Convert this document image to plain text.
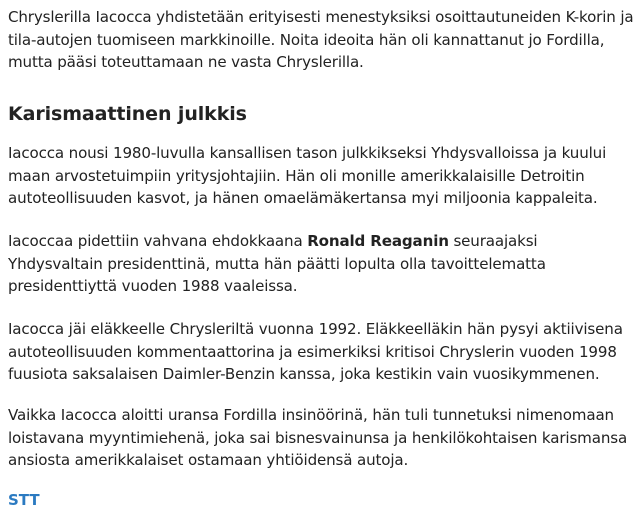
Chryslerilla Iacocca yhdistetään erityisesti menestyksiksi osoittautuneiden K-korin ja tila-autojen tuomiseen markkinoille. Noita ideoita hän oli kannattanut jo Fordilla, mutta pääsi toteuttamaan ne vasta Chryslerilla.

Karismaattinen julkkis

Iacocca nousi 1980-luvulla kansallisen tason julkkikseksi Yhdysvalloissa ja kuului maan arvostetuimpiin yritysjohtajiin. Hän oli monille amerikkalaisille Detroitin autoteollisuuden kasvot, ja hänen omaelämäkertansa myi miljoonia kappaleita.

Iacoccaa pidettiin vahvana ehdokkaana Ronald Reaganin seuraajaksi Yhdysvaltain presidenttinä, mutta hän päätti lopulta olla tavoittelematta presidenttiyttä vuoden 1988 vaaleissa.

Iacocca jäi eläkkeelle Chrysleriltä vuonna 1992. Eläkkeelläkin hän pysyi aktiivisena autoteollisuuden kommentaattorina ja esimerkiksi kritisoi Chryslerin vuoden 1998 fuusiota saksalaisen Daimler-Benzin kanssa, joka kestikin vain vuosikymmenen.

Vaikka Iacocca aloitti uransa Fordilla insinöörinä, hän tuli tunnetuksi nimenomaan loistavana myyntimiehenä, joka sai bisnesvainunsa ja henkilökohtaisen karismansa ansiosta amerikkalaiset ostamaan yhtiöidensä autoja.

STT
